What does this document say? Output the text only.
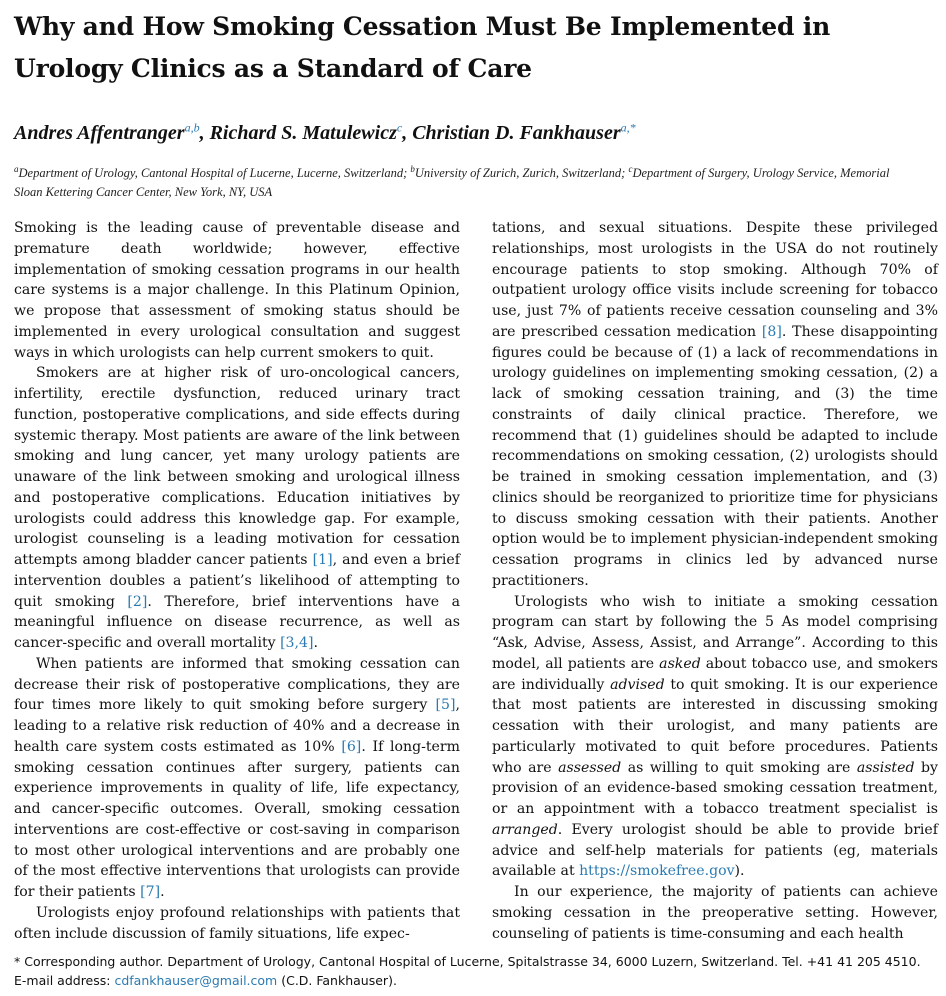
Why and How Smoking Cessation Must Be Implemented in Urology Clinics as a Standard of Care
Andres Affentranger$^{a,b}$, Richard S. Matulewicz$^c$, Christian D. Fankhauser$^{a,*}$
$^a$Department of Urology, Cantonal Hospital of Lucerne, Lucerne, Switzerland; $^b$University of Zurich, Zurich, Switzerland; $^c$Department of Surgery, Urology Service, Memorial Sloan Kettering Cancer Center, New York, NY, USA

Smoking is the leading cause of preventable disease and premature death worldwide; however, effective implementation of smoking cessation programs in our health care systems is a major challenge. In this Platinum Opinion, we propose that assessment of smoking status should be implemented in every urological consultation and suggest ways in which urologists can help current smokers to quit.

Smokers are at higher risk of uro-oncological cancers, infertility, erectile dysfunction, reduced urinary tract function, postoperative complications, and side effects during systemic therapy. Most patients are aware of the link between smoking and lung cancer, yet many urology patients are unaware of the link between smoking and urological illness and postoperative complications. Education initiatives by urologists could address this knowledge gap. For example, urologist counseling is a leading motivation for cessation attempts among bladder cancer patients [1], and even a brief intervention doubles a patient’s likelihood of attempting to quit smoking [2]. Therefore, brief interventions have a meaningful influence on disease recurrence, as well as cancer-specific and overall mortality [3,4].

When patients are informed that smoking cessation can decrease their risk of postoperative complications, they are four times more likely to quit smoking before surgery [5], leading to a relative risk reduction of 40% and a decrease in health care system costs estimated as 10% [6]. If long-term smoking cessation continues after surgery, patients can experience improvements in quality of life, life expectancy, and cancer-specific outcomes. Overall, smoking cessation interventions are cost-effective or cost-saving in comparison to most other urological interventions and are probably one of the most effective interventions that urologists can provide for their patients [7].

Urologists enjoy profound relationships with patients that often include discussion of family situations, life expec-

tations, and sexual situations. Despite these privileged relationships, most urologists in the USA do not routinely encourage patients to stop smoking. Although 70% of outpatient urology office visits include screening for tobacco use, just 7% of patients receive cessation counseling and 3% are prescribed cessation medication [8]. These disappointing figures could be because of (1) a lack of recommendations in urology guidelines on implementing smoking cessation, (2) a lack of smoking cessation training, and (3) the time constraints of daily clinical practice. Therefore, we recommend that (1) guidelines should be adapted to include recommendations on smoking cessation, (2) urologists should be trained in smoking cessation implementation, and (3) clinics should be reorganized to prioritize time for physicians to discuss smoking cessation with their patients. Another option would be to implement physician-independent smoking cessation programs in clinics led by advanced nurse practitioners.

Urologists who wish to initiate a smoking cessation program can start by following the 5 As model comprising “Ask, Advise, Assess, Assist, and Arrange”. According to this model, all patients are asked about tobacco use, and smokers are individually advised to quit smoking. It is our experience that most patients are interested in discussing smoking cessation with their urologist, and many patients are particularly motivated to quit before procedures. Patients who are assessed as willing to quit smoking are assisted by provision of an evidence-based smoking cessation treatment, or an appointment with a tobacco treatment specialist is arranged. Every urologist should be able to provide brief advice and self-help materials for patients (eg, materials available at https://smokefree.gov).

In our experience, the majority of patients can achieve smoking cessation in the preoperative setting. However, counseling of patients is time-consuming and each health

* Corresponding author. Department of Urology, Cantonal Hospital of Lucerne, Spitalstrasse 34, 6000 Luzern, Switzerland. Tel. +41 41 205 4510.
E-mail address: cdfankhauser@gmail.com (C.D. Fankhauser).
